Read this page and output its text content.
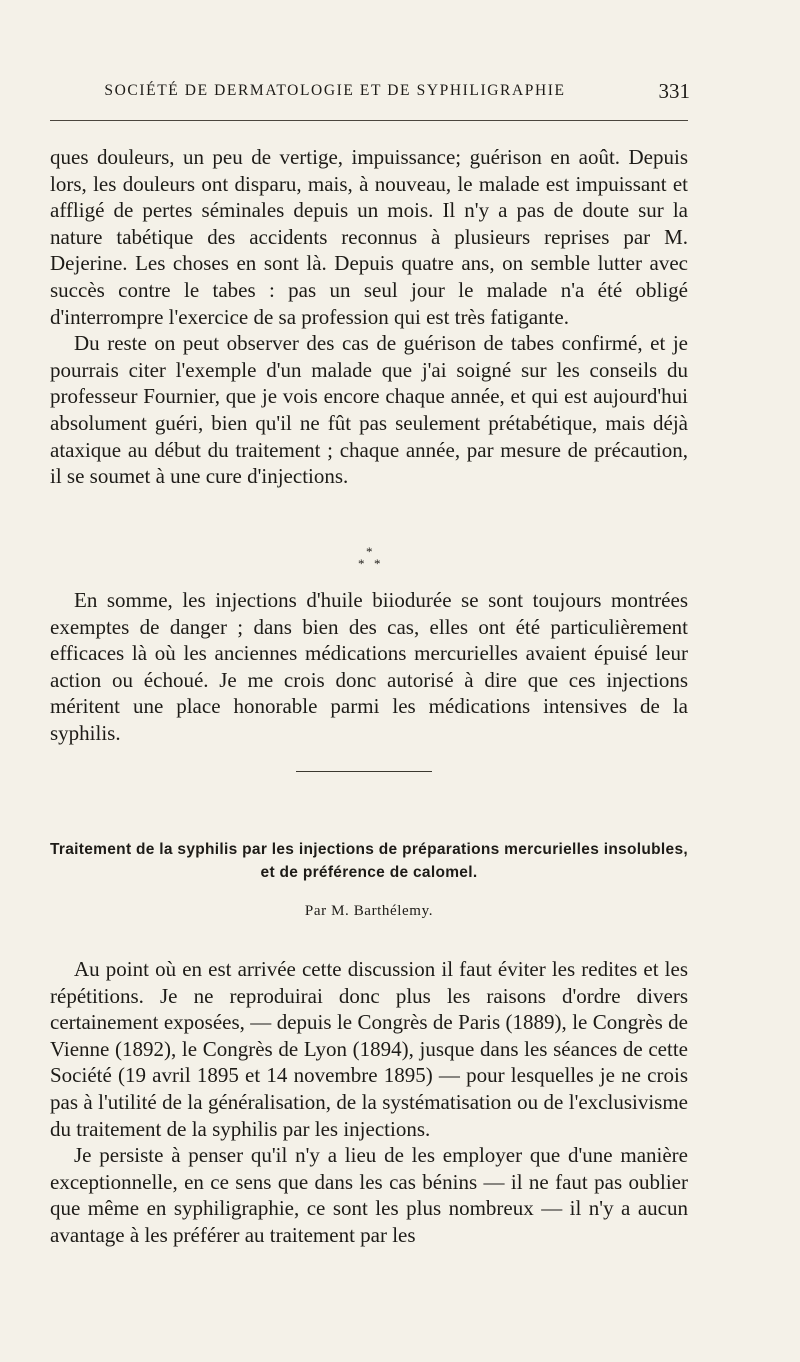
SOCIÉTÉ DE DERMATOLOGIE ET DE SYPHILIGRAPHIE	331

ques douleurs, un peu de vertige, impuissance; guérison en août. Depuis lors, les douleurs ont disparu, mais, à nouveau, le malade est impuissant et affligé de pertes séminales depuis un mois. Il n'y a pas de doute sur la nature tabétique des accidents reconnus à plusieurs reprises par M. Dejerine. Les choses en sont là. Depuis quatre ans, on semble lutter avec succès contre le tabes : pas un seul jour le malade n'a été obligé d'interrompre l'exercice de sa profession qui est très fatigante.

Du reste on peut observer des cas de guérison de tabes confirmé, et je pourrais citer l'exemple d'un malade que j'ai soigné sur les conseils du professeur Fournier, que je vois encore chaque année, et qui est aujourd'hui absolument guéri, bien qu'il ne fût pas seulement prétabétique, mais déjà ataxique au début du traitement ; chaque année, par mesure de précaution, il se soumet à une cure d'injections.

*
* *

En somme, les injections d'huile biiodurée se sont toujours montrées exemptes de danger ; dans bien des cas, elles ont été particulièrement efficaces là où les anciennes médications mercurielles avaient épuisé leur action ou échoué. Je me crois donc autorisé à dire que ces injections méritent une place honorable parmi les médications intensives de la syphilis.

Traitement de la syphilis par les injections de préparations mercurielles insolubles, et de préférence de calomel.
Par M. Barthélemy.

Au point où en est arrivée cette discussion il faut éviter les redites et les répétitions. Je ne reproduirai donc plus les raisons d'ordre divers certainement exposées, — depuis le Congrès de Paris (1889), le Congrès de Vienne (1892), le Congrès de Lyon (1894), jusque dans les séances de cette Société (19 avril 1895 et 14 novembre 1895) — pour lesquelles je ne crois pas à l'utilité de la généralisation, de la systématisation ou de l'exclusivisme du traitement de la syphilis par les injections.

Je persiste à penser qu'il n'y a lieu de les employer que d'une manière exceptionnelle, en ce sens que dans les cas bénins — il ne faut pas oublier que même en syphiligraphie, ce sont les plus nombreux — il n'y a aucun avantage à les préférer au traitement par les
